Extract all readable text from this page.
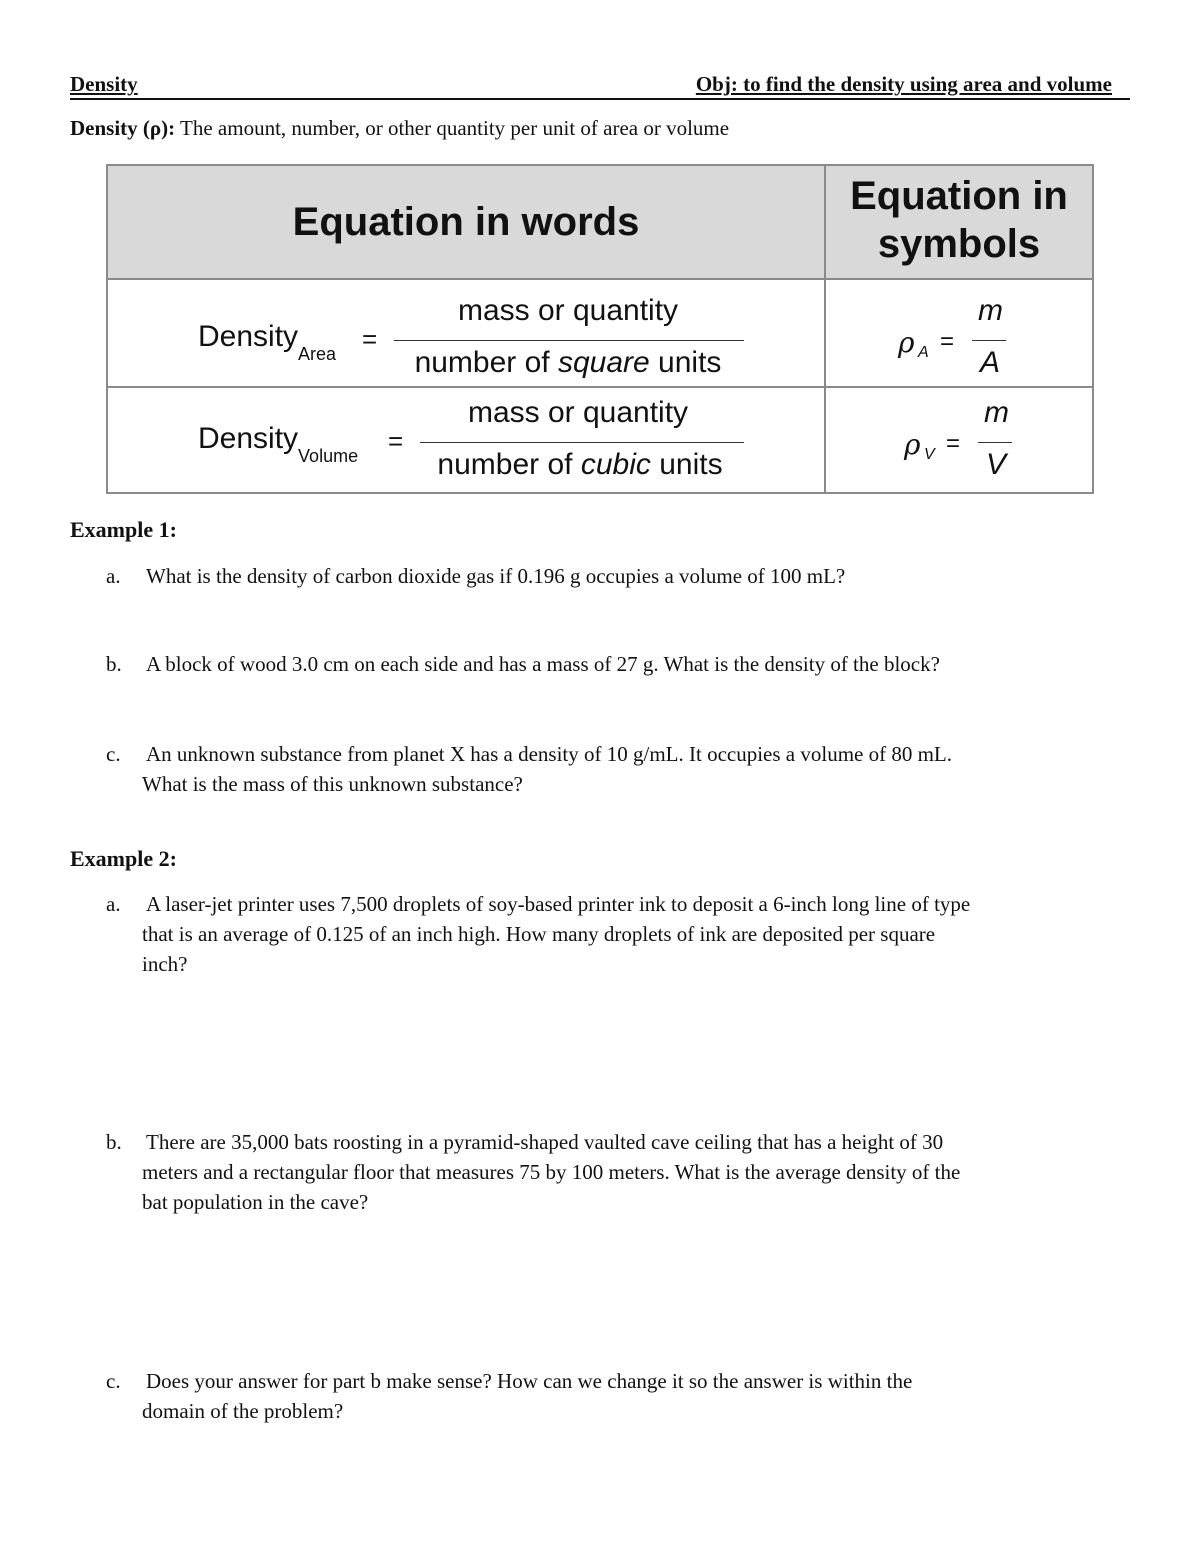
Density	Obj: to find the density using area and volume
Density (ρ): The amount, number, or other quantity per unit of area or volume
Equation in words
Equation in
symbols
Density$_{Area}$ =
mass or quantity
number of square units
ρ A =
m
A
Density$_{Volume}$ =
mass or quantity
number of cubic units
ρ V =
m
V
Example 1:
a. What is the density of carbon dioxide gas if 0.196 g occupies a volume of 100 mL?
b. A block of wood 3.0 cm on each side and has a mass of 27 g. What is the density of the block?
c. An unknown substance from planet X has a density of 10 g/mL. It occupies a volume of 80 mL.
What is the mass of this unknown substance?
Example 2:
a. A laser-jet printer uses 7,500 droplets of soy-based printer ink to deposit a 6-inch long line of type
that is an average of 0.125 of an inch high. How many droplets of ink are deposited per square
inch?
b. There are 35,000 bats roosting in a pyramid-shaped vaulted cave ceiling that has a height of 30
meters and a rectangular floor that measures 75 by 100 meters. What is the average density of the
bat population in the cave?
c. Does your answer for part b make sense? How can we change it so the answer is within the
domain of the problem?
